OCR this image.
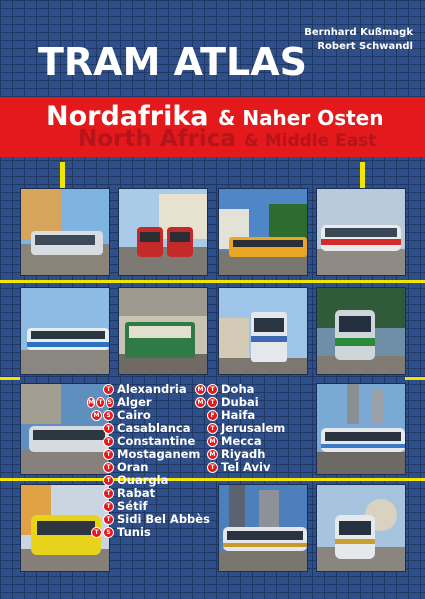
Bernhard Kußmagk
Robert Schwandl
TRAM ATLAS
Nordafrika & Naher Osten
North Africa & Middle East
T Alexandria
M T S Alger
M	S Cairo
T Casablanca
T Constantine
T Mostaganem
T Oran
T Ouargla
T Rabat
T Sétif
T Sidi Bel Abbès
T	S Tunis
M	T Doha
M	T Dubai
F Haifa
T Jerusalem
M Mecca
M Riyadh
T Tel Aviv
